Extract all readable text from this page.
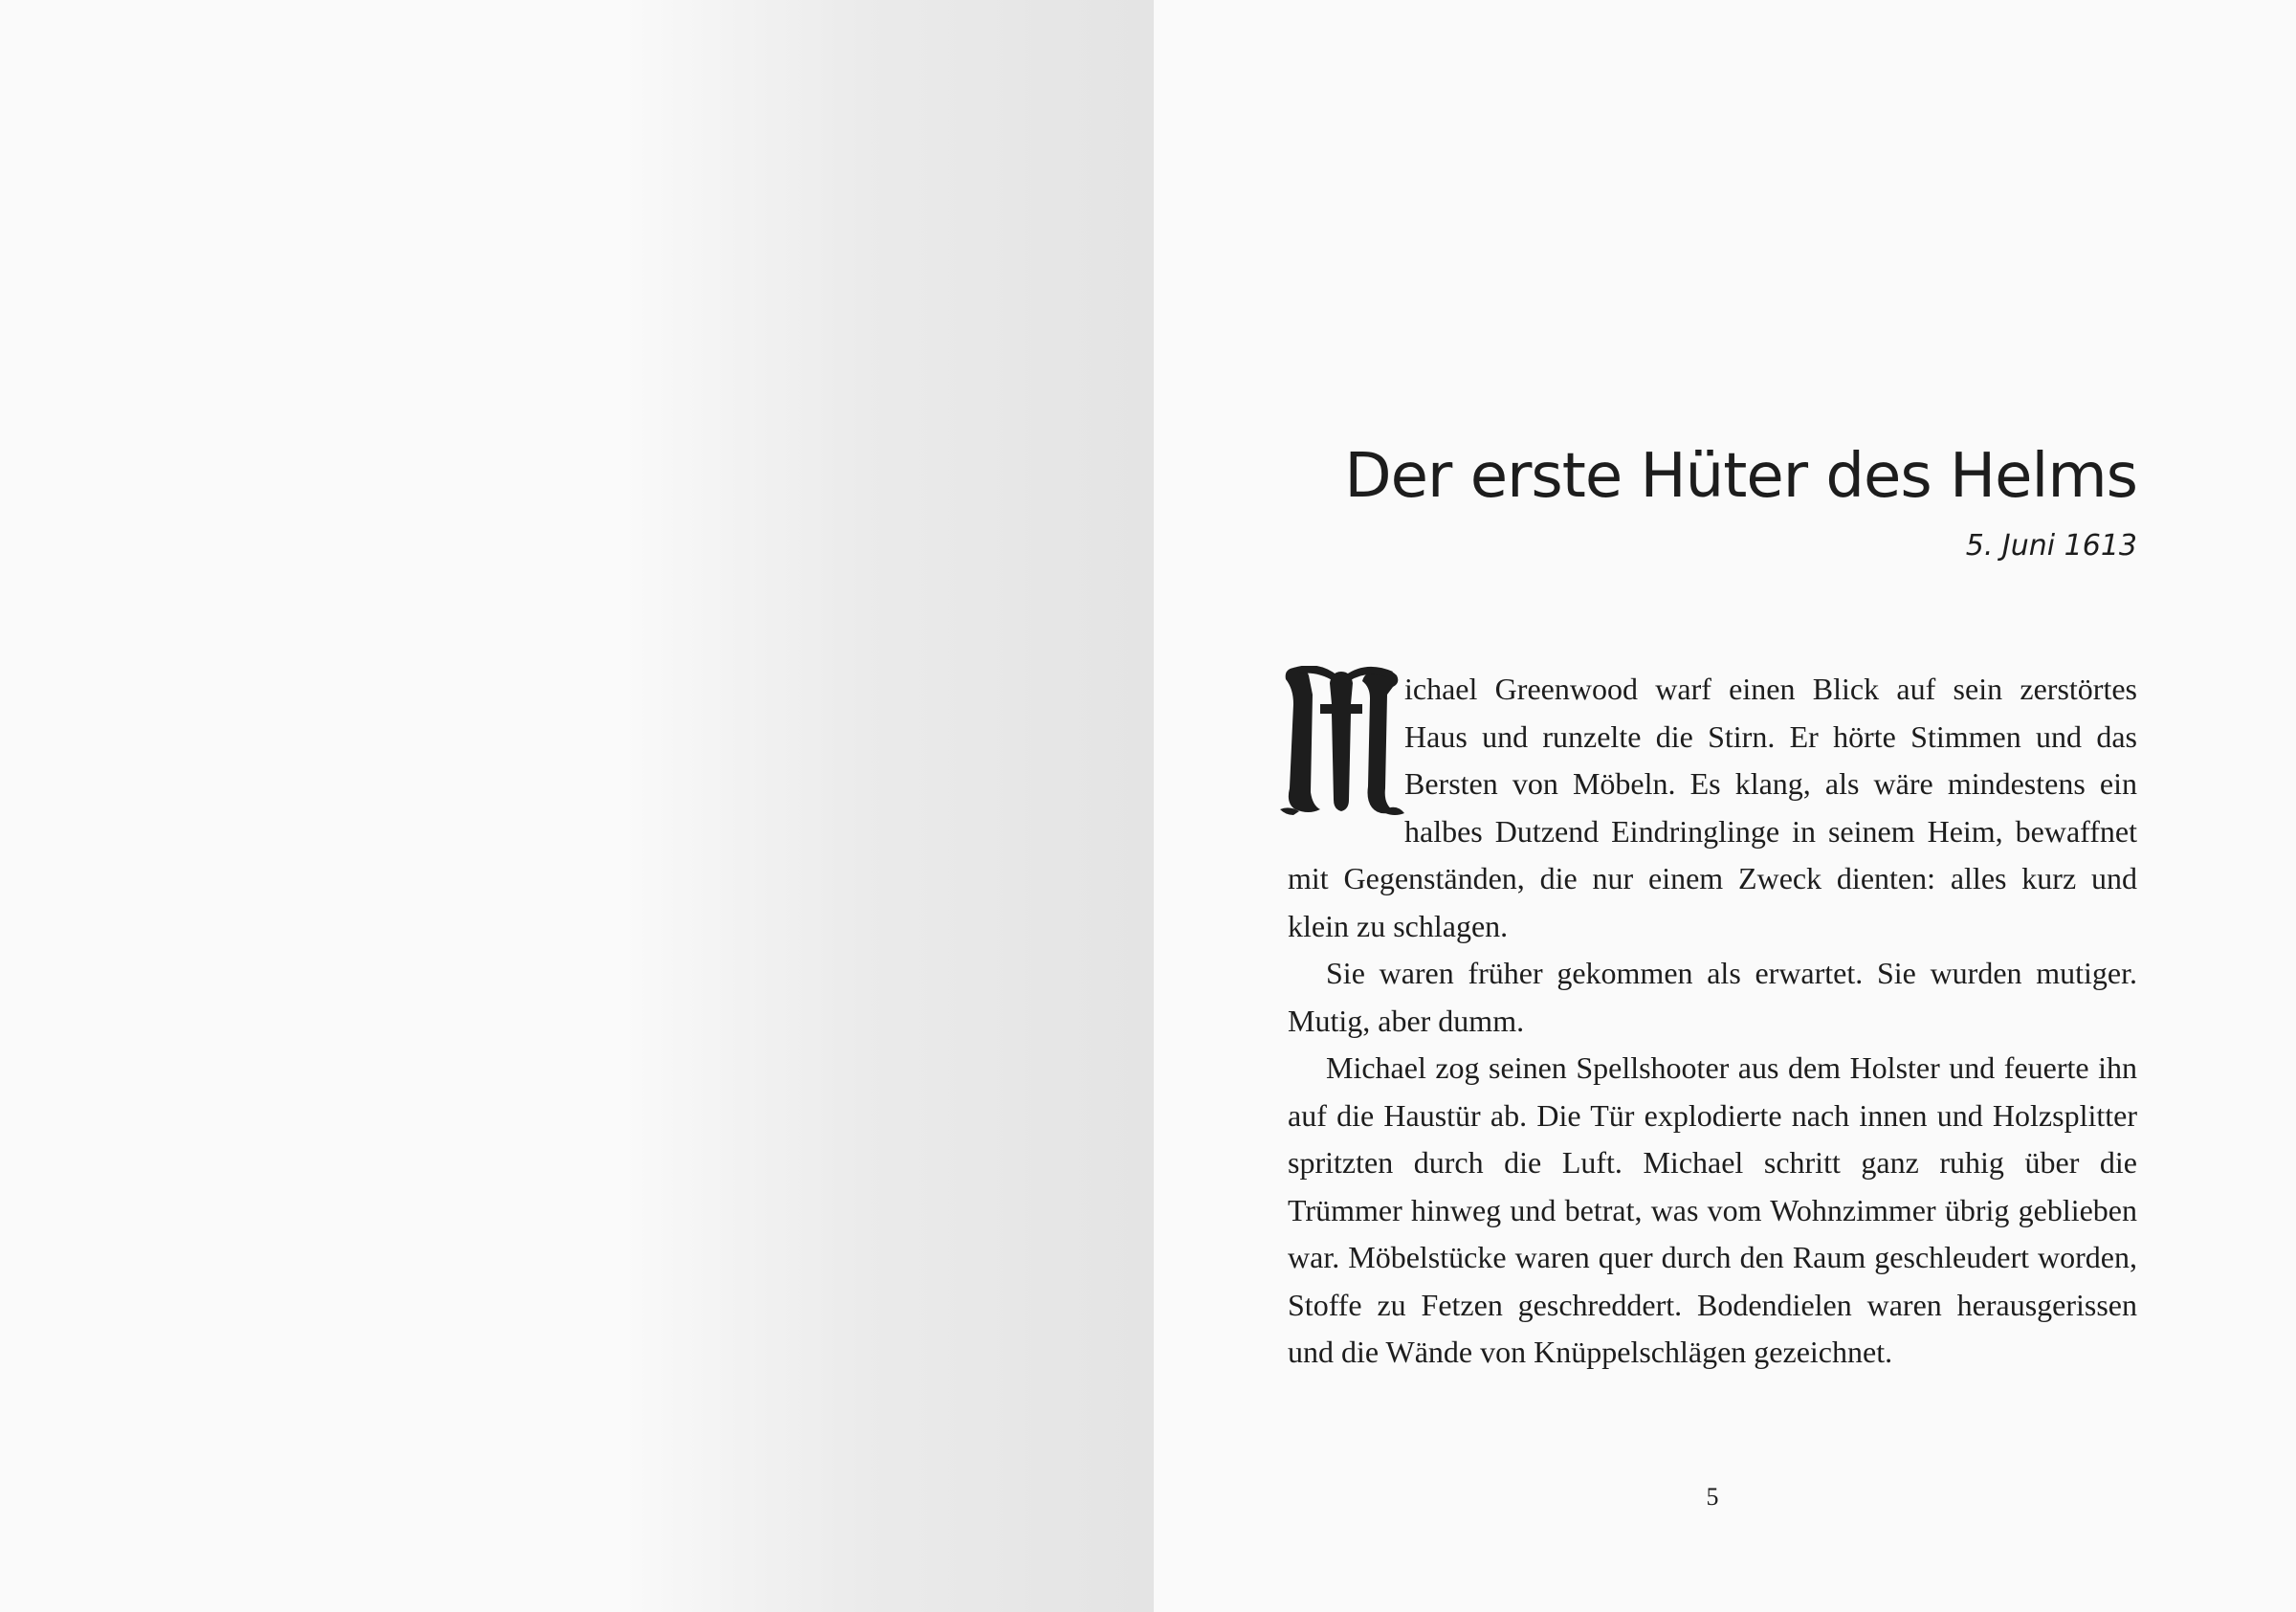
Der erste Hüter des Helms
5. Juni 1613

ichael Greenwood warf einen Blick auf sein zerstörtes Haus und runzelte die Stirn. Er hörte Stimmen und das Bersten von Möbeln. Es klang, als wäre mindestens ein halbes Dutzend Eindringlinge in seinem Heim, bewaffnet mit Gegenständen, die nur einem Zweck dienten: alles kurz und klein zu schlagen.

Sie waren früher gekommen als erwartet. Sie wurden mutiger. Mutig, aber dumm.

Michael zog seinen Spellshooter aus dem Holster und feuerte ihn auf die Haustür ab. Die Tür explodierte nach innen und Holzsplitter spritzten durch die Luft. Michael schritt ganz ruhig über die Trümmer hinweg und betrat, was vom Wohnzimmer übrig geblieben war. Möbelstücke waren quer durch den Raum geschleudert worden, Stoffe zu Fetzen geschreddert. Bodendielen waren herausgerissen und die Wände von Knüppelschlägen gezeichnet.

5
